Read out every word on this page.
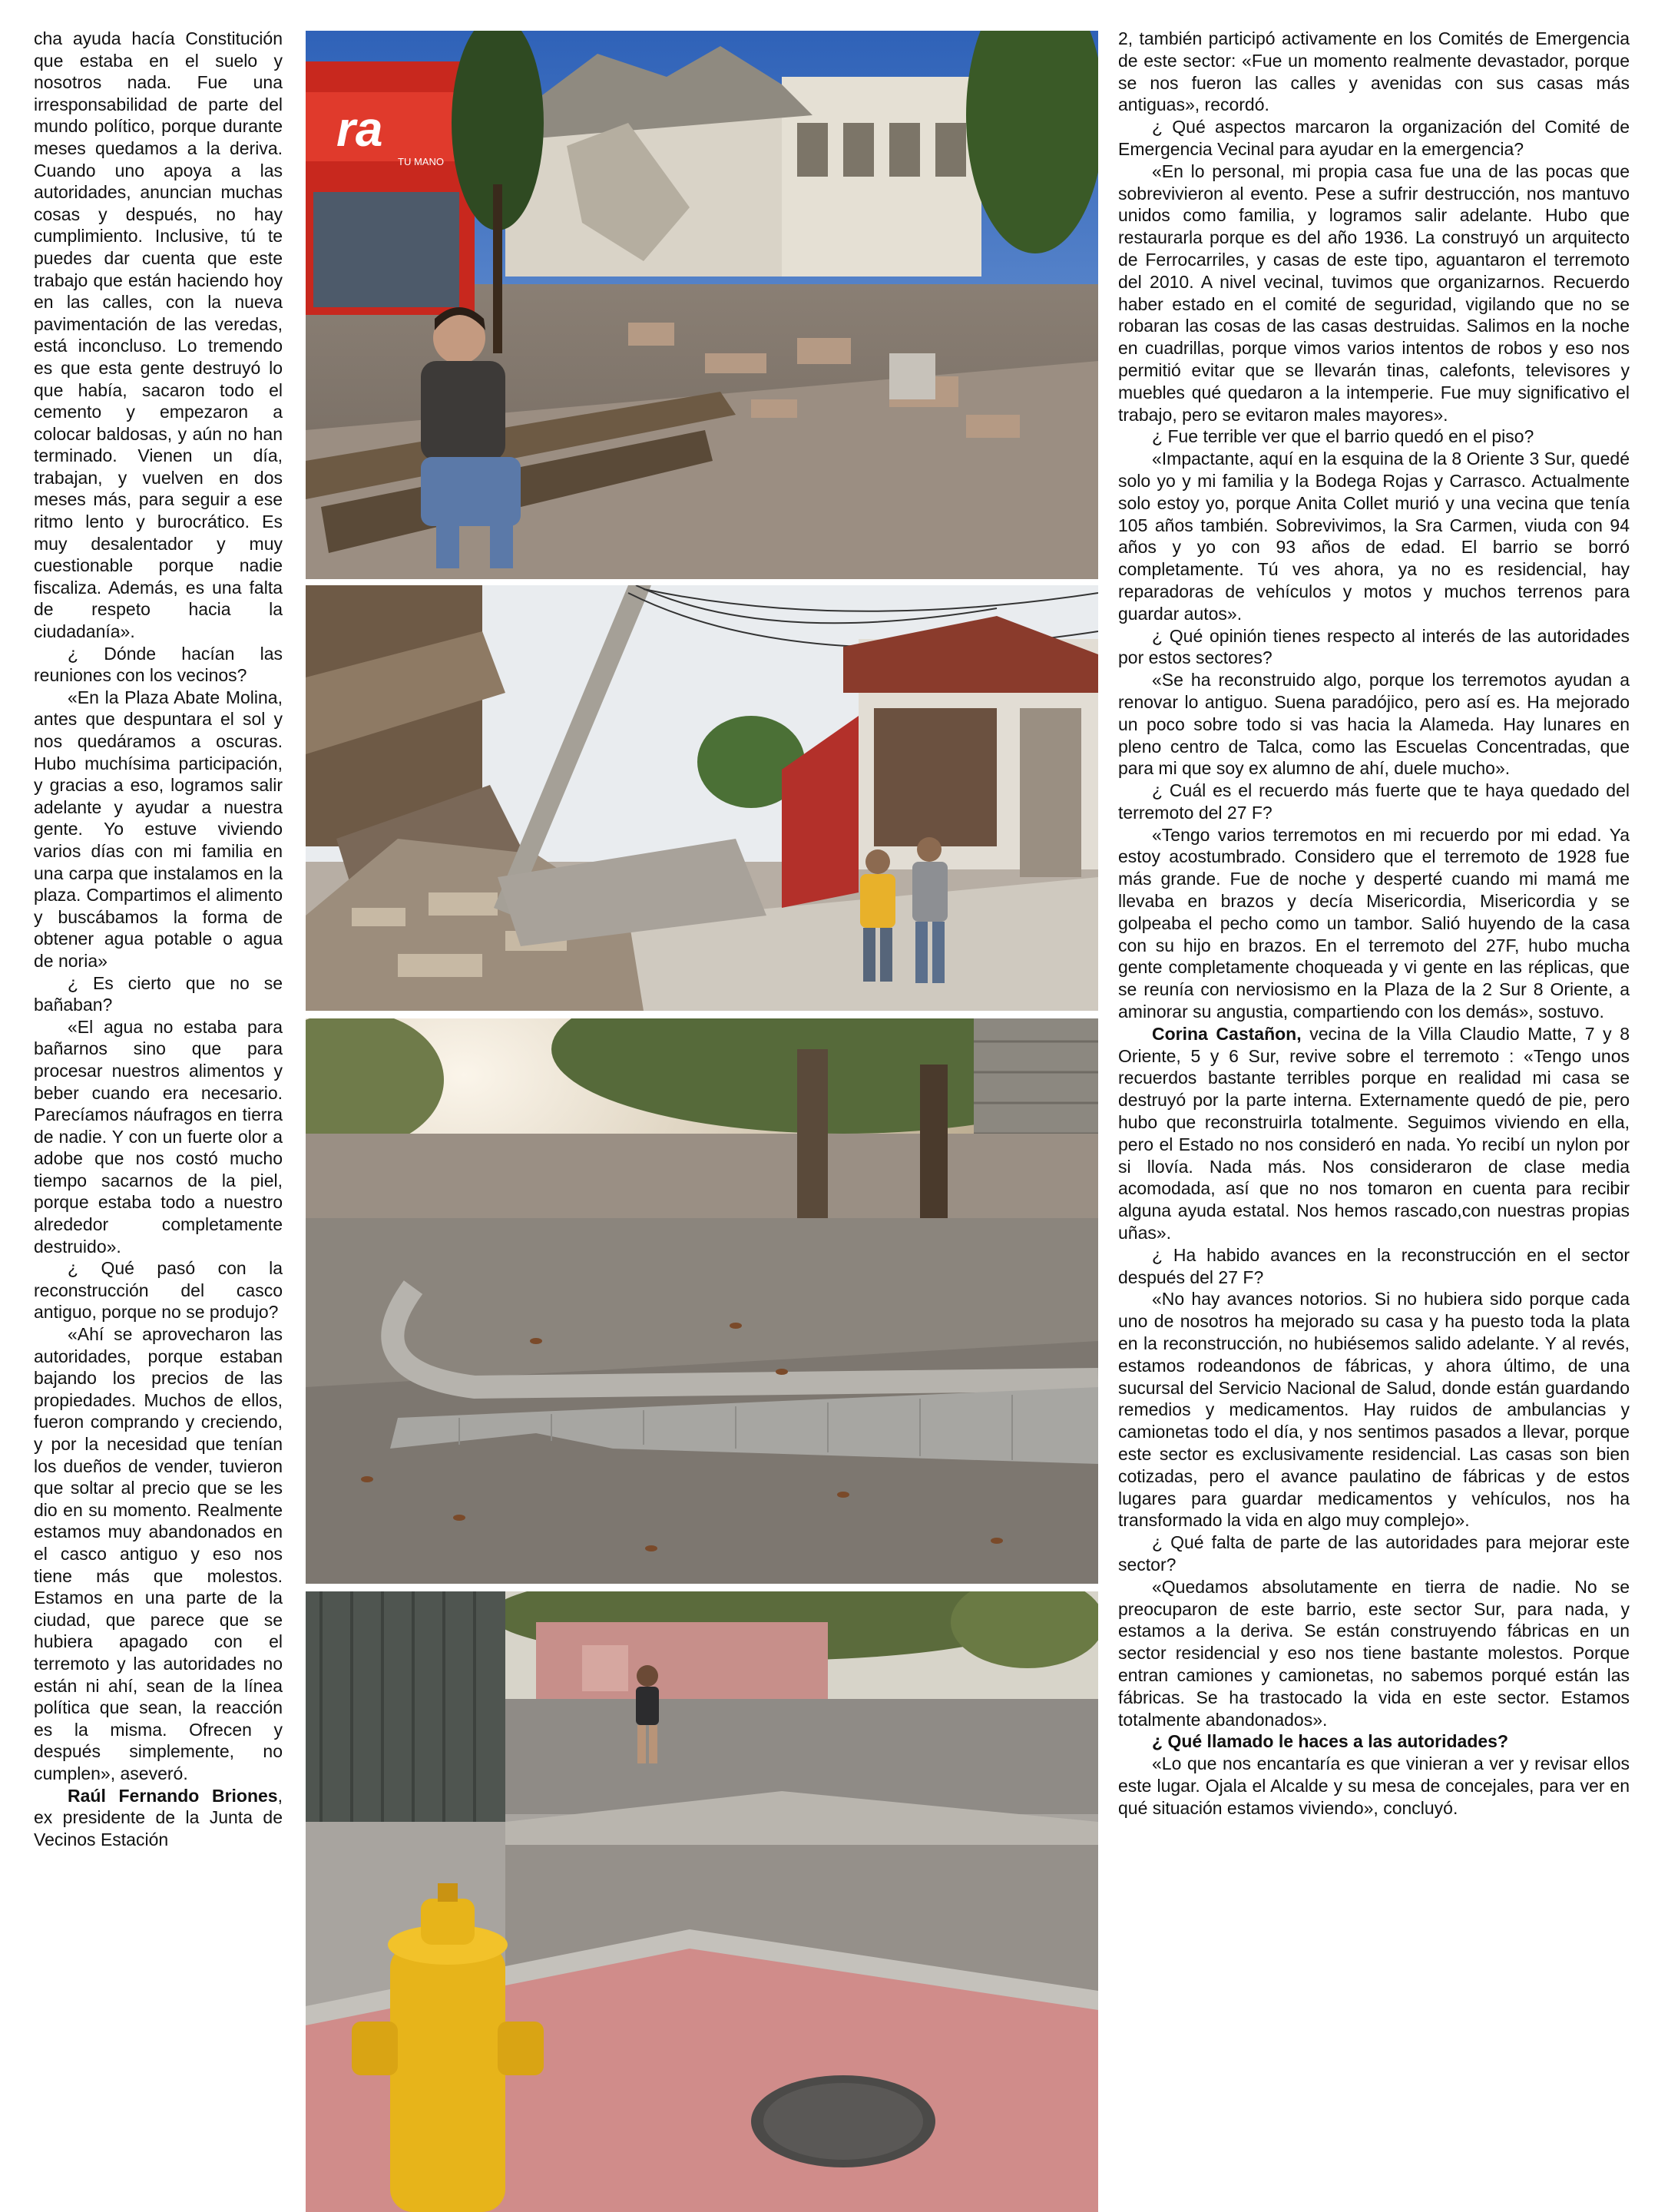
cha ayuda hacía Constitución que estaba en el suelo y nosotros nada. Fue una irresponsabilidad de parte del mundo político, porque durante meses quedamos a la deriva. Cuando uno apoya a las autoridades, anuncian muchas cosas y después, no hay cumplimiento. Inclusive, tú te puedes dar cuenta que este trabajo que están haciendo hoy en las calles, con la nueva pavimentación de las veredas, está inconcluso. Lo tremendo es que esta gente destruyó lo que había, sacaron todo el cemento y empezaron a colocar baldosas, y aún no han terminado. Vienen un día, trabajan, y vuelven en dos meses más, para seguir a ese ritmo lento y burocrático. Es muy desalentador y muy cuestionable porque nadie fiscaliza. Además, es una falta de respeto hacia la ciudadanía».

¿ Dónde hacían las reuniones con los vecinos?

«En la Plaza Abate Molina, antes que despuntara el sol y nos quedáramos a oscuras. Hubo muchísima participación, y gracias a eso, logramos salir adelante y ayudar a nuestra gente. Yo estuve viviendo varios días con mi familia en una carpa que instalamos en la plaza. Compartimos el alimento y buscábamos la forma de obtener agua potable o agua de noria»

¿ Es cierto que no se bañaban?

«El agua no estaba para bañarnos sino que para procesar nuestros alimentos y beber cuando era necesario. Parecíamos náufragos en tierra de nadie. Y con un fuerte olor a adobe que nos costó mucho tiempo sacarnos de la piel, porque estaba todo a nuestro alrededor completamente destruido».

¿ Qué pasó con la reconstrucción del casco antiguo, porque no se produjo?

«Ahí se aprovecharon las autoridades, porque estaban bajando los precios de las propiedades. Muchos de ellos, fueron comprando y creciendo, y por la necesidad que tenían los dueños de vender, tuvieron que soltar al precio que se les dio en su momento. Realmente estamos muy abandonados en el casco antiguo y eso nos tiene más que molestos. Estamos en una parte de la ciudad, que parece que se hubiera apagado con el terremoto y las autoridades no están ni ahí, sean de la línea política que sean, la reacción es la misma. Ofrecen y después simplemente, no cumplen», aseveró.

Raúl Fernando Briones, ex presidente de la Junta de Vecinos Estación

ra
TU MANO

2, también participó activamente en los Comités de Emergencia de este sector: «Fue un momento realmente devastador, porque se nos fueron las calles y avenidas con sus casas más antiguas», recordó.

¿ Qué aspectos marcaron la organización del Comité de Emergencia Vecinal para ayudar en la emergencia?

«En lo personal, mi propia casa fue una de las pocas que sobrevivieron al evento. Pese a sufrir destrucción, nos mantuvo unidos como familia, y logramos salir adelante. Hubo que restaurarla porque es del año 1936. La construyó un arquitecto de Ferrocarriles, y casas de este tipo, aguantaron el terremoto del 2010. A nivel vecinal, tuvimos que organizarnos. Recuerdo haber estado en el comité de seguridad, vigilando que no se robaran las cosas de las casas destruidas. Salimos en la noche en cuadrillas, porque vimos varios intentos de robos y eso nos permitió evitar que se llevarán tinas, calefonts, televisores y muebles qué quedaron a la intemperie. Fue muy significativo el trabajo, pero se evitaron males mayores».

¿ Fue terrible ver que el barrio quedó en el piso?

«Impactante, aquí en la esquina de la 8 Oriente 3 Sur, quedé solo yo y mi familia y la Bodega Rojas y Carrasco. Actualmente solo estoy yo, porque Anita Collet murió y una vecina que tenía 105 años también. Sobrevivimos, la Sra Carmen, viuda con 94 años y yo con 93 años de edad. El barrio se borró completamente. Tú ves ahora, ya no es residencial, hay reparadoras de vehículos y motos y muchos terrenos para guardar autos».

¿ Qué opinión tienes respecto al interés de las autoridades por estos sectores?

«Se ha reconstruido algo, porque los terremotos ayudan a renovar lo antiguo. Suena paradójico, pero así es. Ha mejorado un poco sobre todo si vas hacia la Alameda. Hay lunares en pleno centro de Talca, como las Escuelas Concentradas, que para mi que soy ex alumno de ahí, duele mucho».

¿ Cuál es el recuerdo más fuerte que te haya quedado del terremoto del 27 F?

«Tengo varios terremotos en mi recuerdo por mi edad. Ya estoy acostumbrado. Considero que el terremoto de 1928 fue más grande. Fue de noche y desperté cuando mi mamá me llevaba en brazos y decía Misericordia, Misericordia y se golpeaba el pecho como un tambor. Salió huyendo de la casa con su hijo en brazos. En el terremoto del 27F, hubo mucha gente completamente choqueada y vi gente en las réplicas, que se reunía con nerviosismo en la Plaza de la 2 Sur 8 Oriente, a aminorar su angustia, compartiendo con los demás», sostuvo.

Corina Castañon, vecina de la Villa Claudio Matte, 7 y 8 Oriente, 5 y 6 Sur, revive sobre el terremoto : «Tengo unos recuerdos bastante terribles porque en realidad mi casa se destruyó por la parte interna. Externamente quedó de pie, pero hubo que reconstruirla totalmente. Seguimos viviendo en ella, pero el Estado no nos consideró en nada. Yo recibí un nylon por si llovía. Nada más. Nos consideraron de clase media acomodada, así que no nos tomaron en cuenta para recibir alguna ayuda estatal. Nos hemos rascado,con nuestras propias uñas».

¿ Ha habido avances en la reconstrucción en el sector después del 27 F?

«No hay avances notorios. Si no hubiera sido porque cada uno de nosotros ha mejorado su casa y ha puesto toda la plata en la reconstrucción, no hubiésemos salido adelante. Y al revés, estamos rodeandonos de fábricas, y ahora último, de una sucursal del Servicio Nacional de Salud, donde están guardando remedios y medicamentos. Hay ruidos de ambulancias y camionetas todo el día, y nos sentimos pasados a llevar, porque este sector es exclusivamente residencial. Las casas son bien cotizadas, pero el avance paulatino de fábricas y de estos lugares para guardar medicamentos y vehículos, nos ha transformado la vida en algo muy complejo».

¿ Qué falta de parte de las autoridades para mejorar este sector?

«Quedamos absolutamente en tierra de nadie. No se preocuparon de este barrio, este sector Sur, para nada, y estamos a la deriva. Se están construyendo fábricas en un sector residencial y eso nos tiene bastante molestos. Porque entran camiones y camionetas, no sabemos porqué están las fábricas. Se ha trastocado la vida en este sector. Estamos totalmente abandonados».

¿ Qué llamado le haces a las autoridades?

«Lo que nos encantaría es que vinieran a ver y revisar ellos este lugar. Ojala el Alcalde y su mesa de concejales, para ver en qué situación estamos viviendo», concluyó.
